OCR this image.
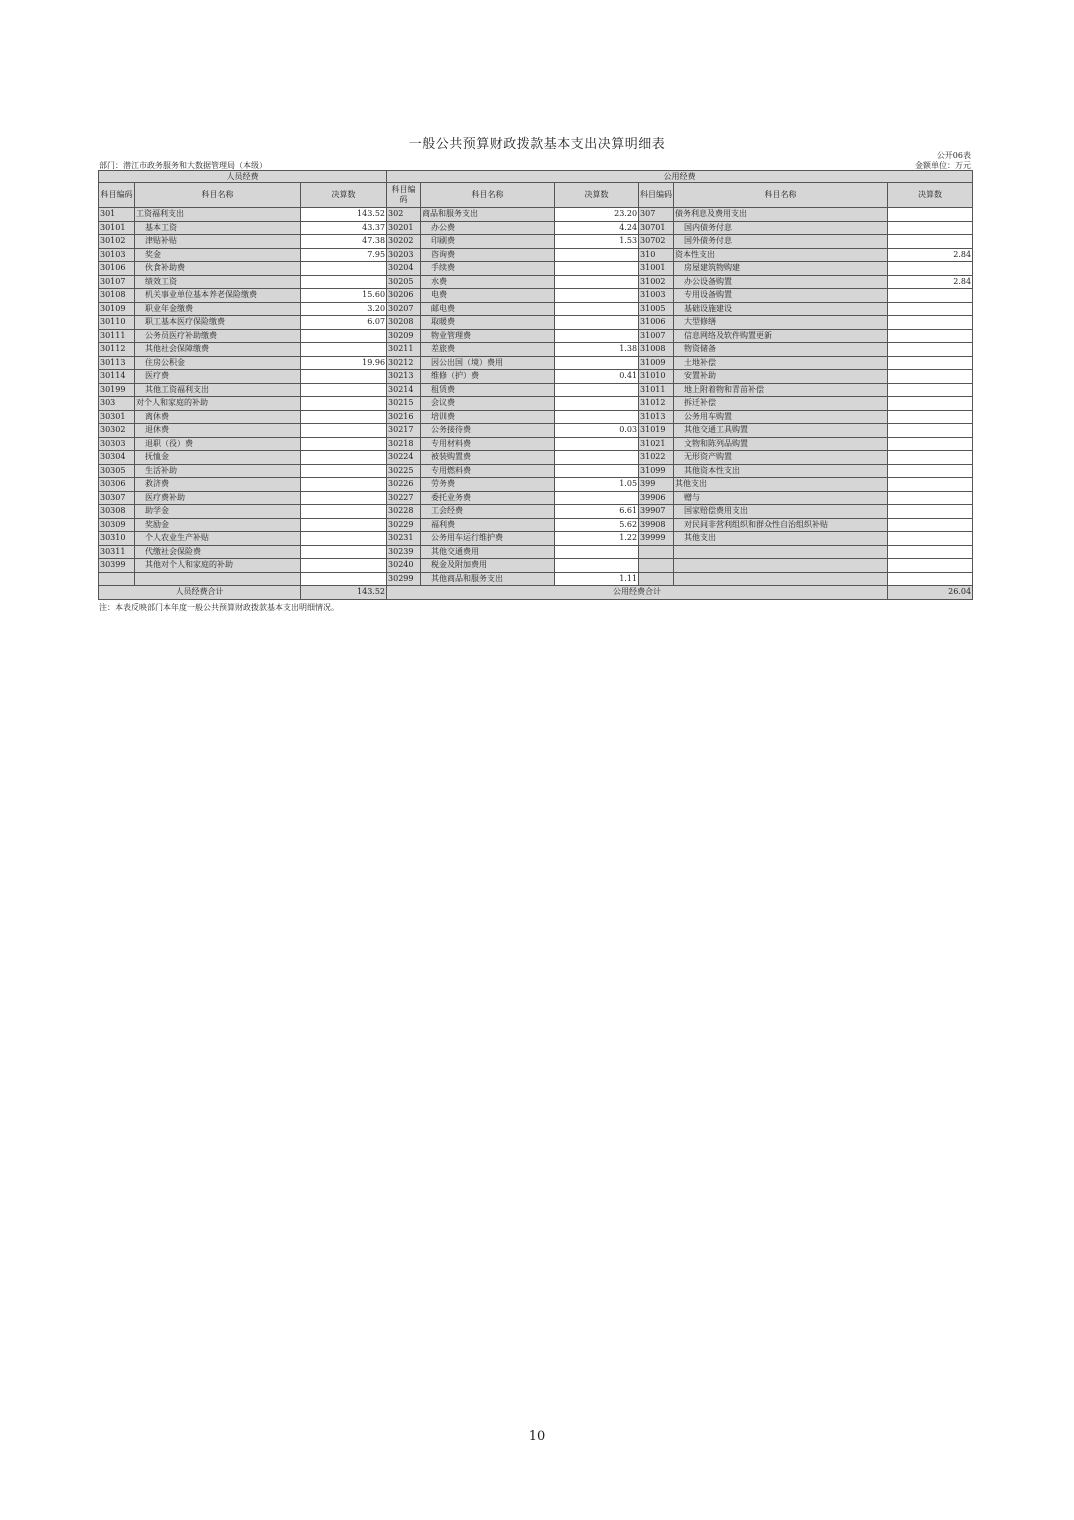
一般公共预算财政拨款基本支出决算明细表
公开06表
部门：潜江市政务服务和大数据管理局（本级）	金额单位：万元
人员经费			公用经费					
科目编码	科目名称	决算数	科目编码	科目名称	决算数	科目编码	科目名称	决算数
301	工资福利支出	143.52	302	商品和服务支出	23.20	307	债务利息及费用支出	
30101	基本工资	43.37	30201	办公费	4.24	30701	国内债务付息	
30102	津贴补贴	47.38	30202	印刷费	1.53	30702	国外债务付息	
30103	奖金	7.95	30203	咨询费		310	资本性支出	2.84
30106	伙食补助费		30204	手续费		31001	房屋建筑物购建	
30107	绩效工资		30205	水费		31002	办公设备购置	2.84
30108	机关事业单位基本养老保险缴费	15.60	30206	电费		31003	专用设备购置	
30109	职业年金缴费	3.20	30207	邮电费		31005	基础设施建设	
30110	职工基本医疗保险缴费	6.07	30208	取暖费		31006	大型修缮	
30111	公务员医疗补助缴费		30209	物业管理费		31007	信息网络及软件购置更新	
30112	其他社会保障缴费		30211	差旅费	1.38	31008	物资储备	
30113	住房公积金	19.96	30212	因公出国（境）费用		31009	土地补偿	
30114	医疗费		30213	维修（护）费	0.41	31010	安置补助	
30199	其他工资福利支出		30214	租赁费		31011	地上附着物和青苗补偿	
303	对个人和家庭的补助		30215	会议费		31012	拆迁补偿	
30301	离休费		30216	培训费		31013	公务用车购置	
30302	退休费		30217	公务接待费	0.03	31019	其他交通工具购置	
30303	退职（役）费		30218	专用材料费		31021	文物和陈列品购置	
30304	抚恤金		30224	被装购置费		31022	无形资产购置	
30305	生活补助		30225	专用燃料费		31099	其他资本性支出	
30306	救济费		30226	劳务费	1.05	399	其他支出	
30307	医疗费补助		30227	委托业务费		39906	赠与	
30308	助学金		30228	工会经费	6.61	39907	国家赔偿费用支出	
30309	奖励金		30229	福利费	5.62	39908	对民间非营利组织和群众性自治组织补贴	
30310	个人农业生产补贴		30231	公务用车运行维护费	1.22	39999	其他支出	
30311	代缴社会保险费		30239	其他交通费用				
30399	其他对个人和家庭的补助		30240	税金及附加费用				
			30299	其他商品和服务支出	1.11			
人员经费合计		143.52	公用经费合计					26.04
注：本表反映部门本年度一般公共预算财政拨款基本支出明细情况。
10
